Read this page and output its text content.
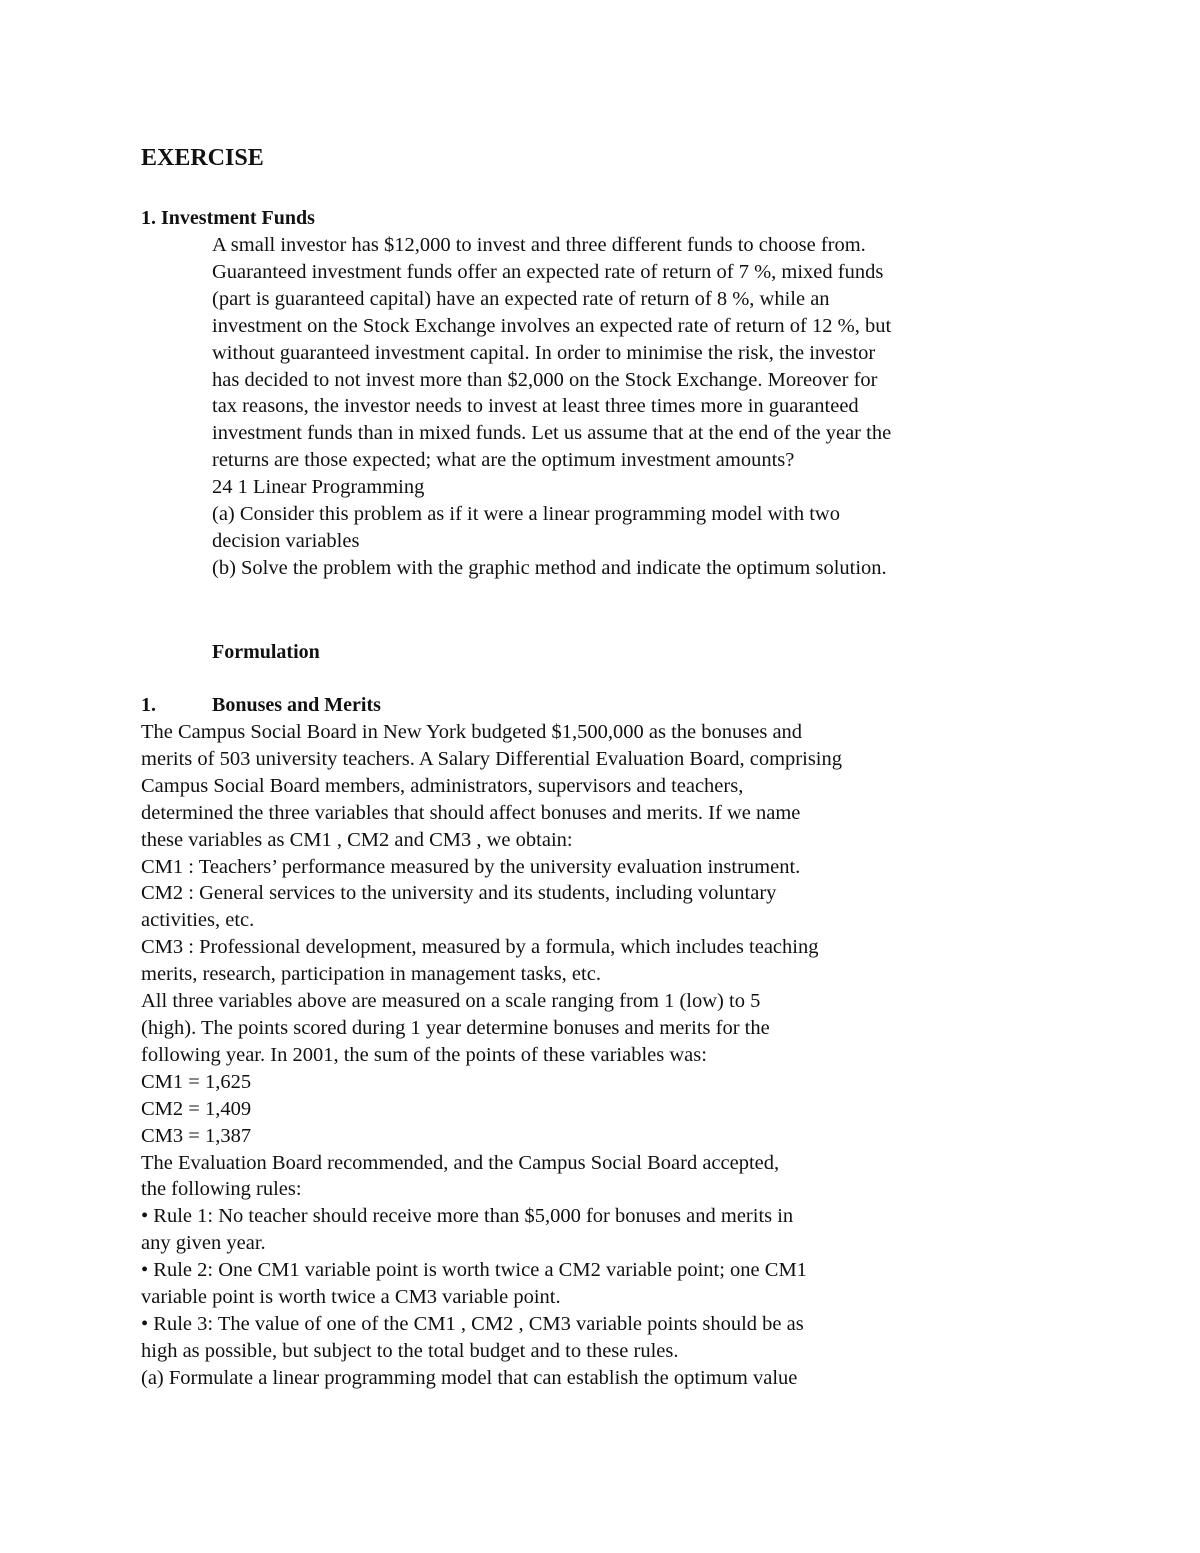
EXERCISE
1. Investment Funds
A small investor has $12,000 to invest and three different funds to choose from.
Guaranteed investment funds offer an expected rate of return of 7 %, mixed funds
(part is guaranteed capital) have an expected rate of return of 8 %, while an
investment on the Stock Exchange involves an expected rate of return of 12 %, but
without guaranteed investment capital. In order to minimise the risk, the investor
has decided to not invest more than $2,000 on the Stock Exchange. Moreover for
tax reasons, the investor needs to invest at least three times more in guaranteed
investment funds than in mixed funds. Let us assume that at the end of the year the
returns are those expected; what are the optimum investment amounts?
24 1 Linear Programming
(a) Consider this problem as if it were a linear programming model with two
decision variables
(b) Solve the problem with the graphic method and indicate the optimum solution.
Formulation
1.	Bonuses and Merits
The Campus Social Board in New York budgeted $1,500,000 as the bonuses and
merits of 503 university teachers. A Salary Differential Evaluation Board, comprising
Campus Social Board members, administrators, supervisors and teachers,
determined the three variables that should affect bonuses and merits. If we name
these variables as CM1 , CM2 and CM3 , we obtain:
CM1 : Teachers’ performance measured by the university evaluation instrument.
CM2 : General services to the university and its students, including voluntary
activities, etc.
CM3 : Professional development, measured by a formula, which includes teaching
merits, research, participation in management tasks, etc.
All three variables above are measured on a scale ranging from 1 (low) to 5
(high). The points scored during 1 year determine bonuses and merits for the
following year. In 2001, the sum of the points of these variables was:
CM1 = 1,625
CM2 = 1,409
CM3 = 1,387
The Evaluation Board recommended, and the Campus Social Board accepted,
the following rules:
• Rule 1: No teacher should receive more than $5,000 for bonuses and merits in
any given year.
• Rule 2: One CM1 variable point is worth twice a CM2 variable point; one CM1
variable point is worth twice a CM3 variable point.
• Rule 3: The value of one of the CM1 , CM2 , CM3 variable points should be as
high as possible, but subject to the total budget and to these rules.
(a) Formulate a linear programming model that can establish the optimum value
